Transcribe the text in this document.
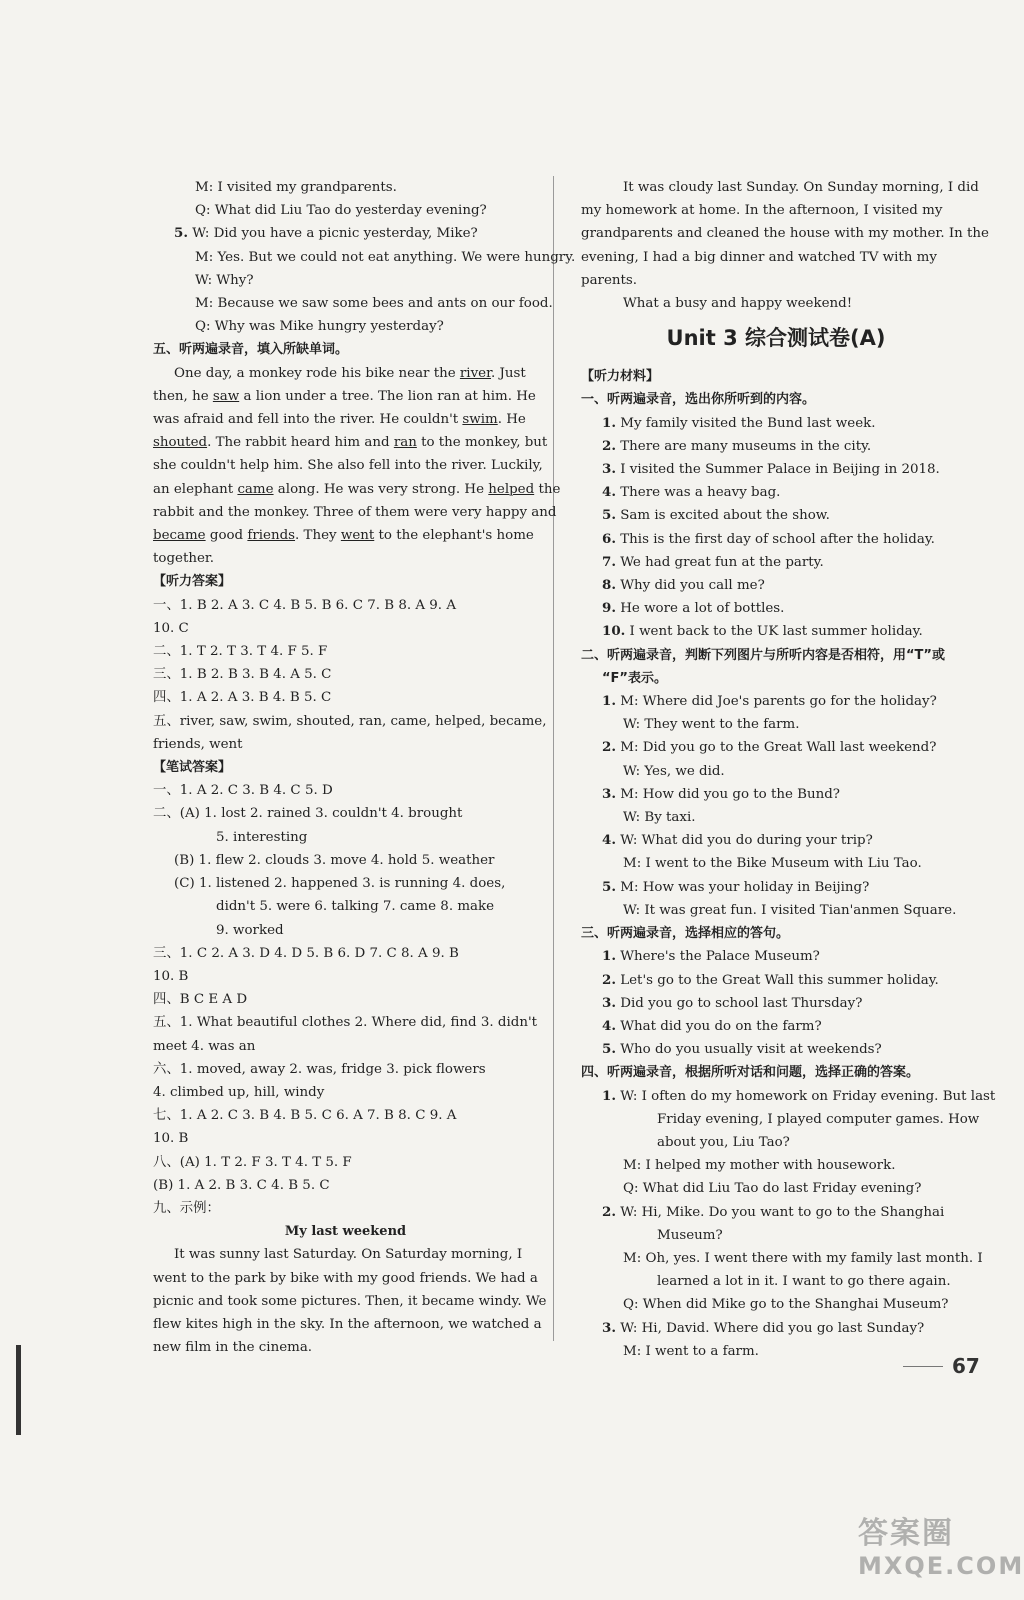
M: I visited my grandparents.
Q: What did Liu Tao do yesterday evening?
5. W: Did you have a picnic yesterday, Mike?
M: Yes. But we could not eat anything. We were hungry.
W: Why?
M: Because we saw some bees and ants on our food.
Q: Why was Mike hungry yesterday?
五、听两遍录音，填入所缺单词。
One day, a monkey rode his bike near the river. Just
then, he saw a lion under a tree. The lion ran at him. He
was afraid and fell into the river. He couldn't swim. He
shouted. The rabbit heard him and ran to the monkey, but
she couldn't help him. She also fell into the river. Luckily,
an elephant came along. He was very strong. He helped the
rabbit and the monkey. Three of them were very happy and
became good friends. They went to the elephant's home
together.
【听力答案】
一、1. B 2. A 3. C 4. B 5. B 6. C 7. B 8. A 9. A
10. C
二、1. T 2. T 3. T 4. F 5. F
三、1. B 2. B 3. B 4. A 5. C
四、1. A 2. A 3. B 4. B 5. C
五、river, saw, swim, shouted, ran, came, helped, became,
friends, went
【笔试答案】
一、1. A 2. C 3. B 4. C 5. D
二、(A) 1. lost 2. rained 3. couldn't 4. brought
5. interesting
(B) 1. flew 2. clouds 3. move 4. hold 5. weather
(C) 1. listened 2. happened 3. is running 4. does,
didn't 5. were 6. talking 7. came 8. make
9. worked
三、1. C 2. A 3. D 4. D 5. B 6. D 7. C 8. A 9. B
10. B
四、B C E A D
五、1. What beautiful clothes 2. Where did, find 3. didn't
meet 4. was an
六、1. moved, away 2. was, fridge 3. pick flowers
4. climbed up, hill, windy
七、1. A 2. C 3. B 4. B 5. C 6. A 7. B 8. C 9. A
10. B
八、(A) 1. T 2. F 3. T 4. T 5. F
(B) 1. A 2. B 3. C 4. B 5. C
九、示例：
My last weekend
It was sunny last Saturday. On Saturday morning, I
went to the park by bike with my good friends. We had a
picnic and took some pictures. Then, it became windy. We
flew kites high in the sky. In the afternoon, we watched a
new film in the cinema.
It was cloudy last Sunday. On Sunday morning, I did
my homework at home. In the afternoon, I visited my
grandparents and cleaned the house with my mother. In the
evening, I had a big dinner and watched TV with my
parents.
What a busy and happy weekend!
Unit 3 综合测试卷(A)
【听力材料】
一、听两遍录音，选出你所听到的内容。
1. My family visited the Bund last week.
2. There are many museums in the city.
3. I visited the Summer Palace in Beijing in 2018.
4. There was a heavy bag.
5. Sam is excited about the show.
6. This is the first day of school after the holiday.
7. We had great fun at the party.
8. Why did you call me?
9. He wore a lot of bottles.
10. I went back to the UK last summer holiday.
二、听两遍录音，判断下列图片与所听内容是否相符，用“T”或
“F”表示。
1. M: Where did Joe's parents go for the holiday?
W: They went to the farm.
2. M: Did you go to the Great Wall last weekend?
W: Yes, we did.
3. M: How did you go to the Bund?
W: By taxi.
4. W: What did you do during your trip?
M: I went to the Bike Museum with Liu Tao.
5. M: How was your holiday in Beijing?
W: It was great fun. I visited Tian'anmen Square.
三、听两遍录音，选择相应的答句。
1. Where's the Palace Museum?
2. Let's go to the Great Wall this summer holiday.
3. Did you go to school last Thursday?
4. What did you do on the farm?
5. Who do you usually visit at weekends?
四、听两遍录音，根据所听对话和问题，选择正确的答案。
1. W: I often do my homework on Friday evening. But last
Friday evening, I played computer games. How
about you, Liu Tao?
M: I helped my mother with housework.
Q: What did Liu Tao do last Friday evening?
2. W: Hi, Mike. Do you want to go to the Shanghai
Museum?
M: Oh, yes. I went there with my family last month. I
learned a lot in it. I want to go there again.
Q: When did Mike go to the Shanghai Museum?
3. W: Hi, David. Where did you go last Sunday?
M: I went to a farm.
67
答案圈
MXQE.COM
